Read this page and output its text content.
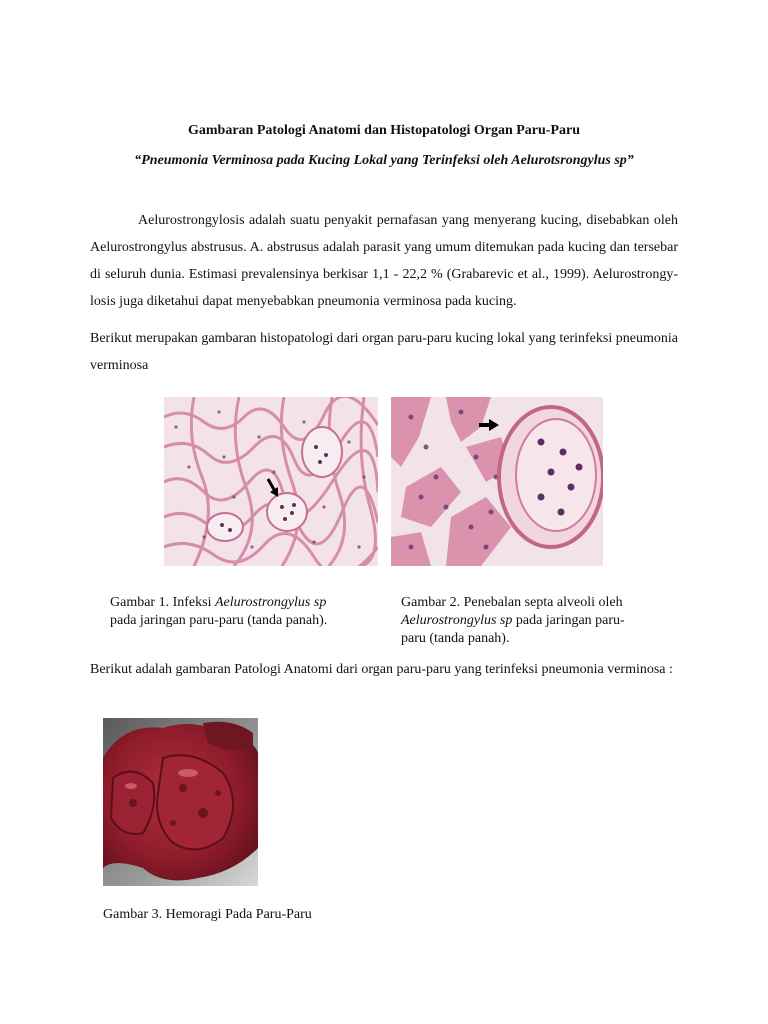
Gambaran Patologi Anatomi dan Histopatologi Organ Paru-Paru
“Pneumonia Verminosa pada Kucing Lokal yang Terinfeksi oleh Aelurotsrongylus sp”

Aelurostrongylosis adalah suatu penyakit pernafasan yang menyerang kucing, disebabkan oleh Aelurostrongylus abstrusus. A. abstrusus adalah parasit yang umum ditemukan pada kucing dan tersebar di seluruh dunia. Estimasi prevalensinya berkisar 1,1 - 22,2 % (Grabarevic et al., 1999). Aelurostrongy-losis juga diketahui dapat menyebabkan pneumonia verminosa pada kucing.

Berikut merupakan gambaran histopatologi dari organ paru-paru kucing lokal yang terinfeksi pneumonia verminosa

Gambar 1. Infeksi Aelurostrongylus sp
pada jaringan paru-paru (tanda panah).

Gambar 2. Penebalan septa alveoli oleh
Aelurostrongylus sp pada jaringan paru-
paru (tanda panah).

Berikut adalah gambaran Patologi Anatomi dari organ paru-paru yang terinfeksi pneumonia verminosa :

Gambar 3. Hemoragi Pada Paru-Paru
